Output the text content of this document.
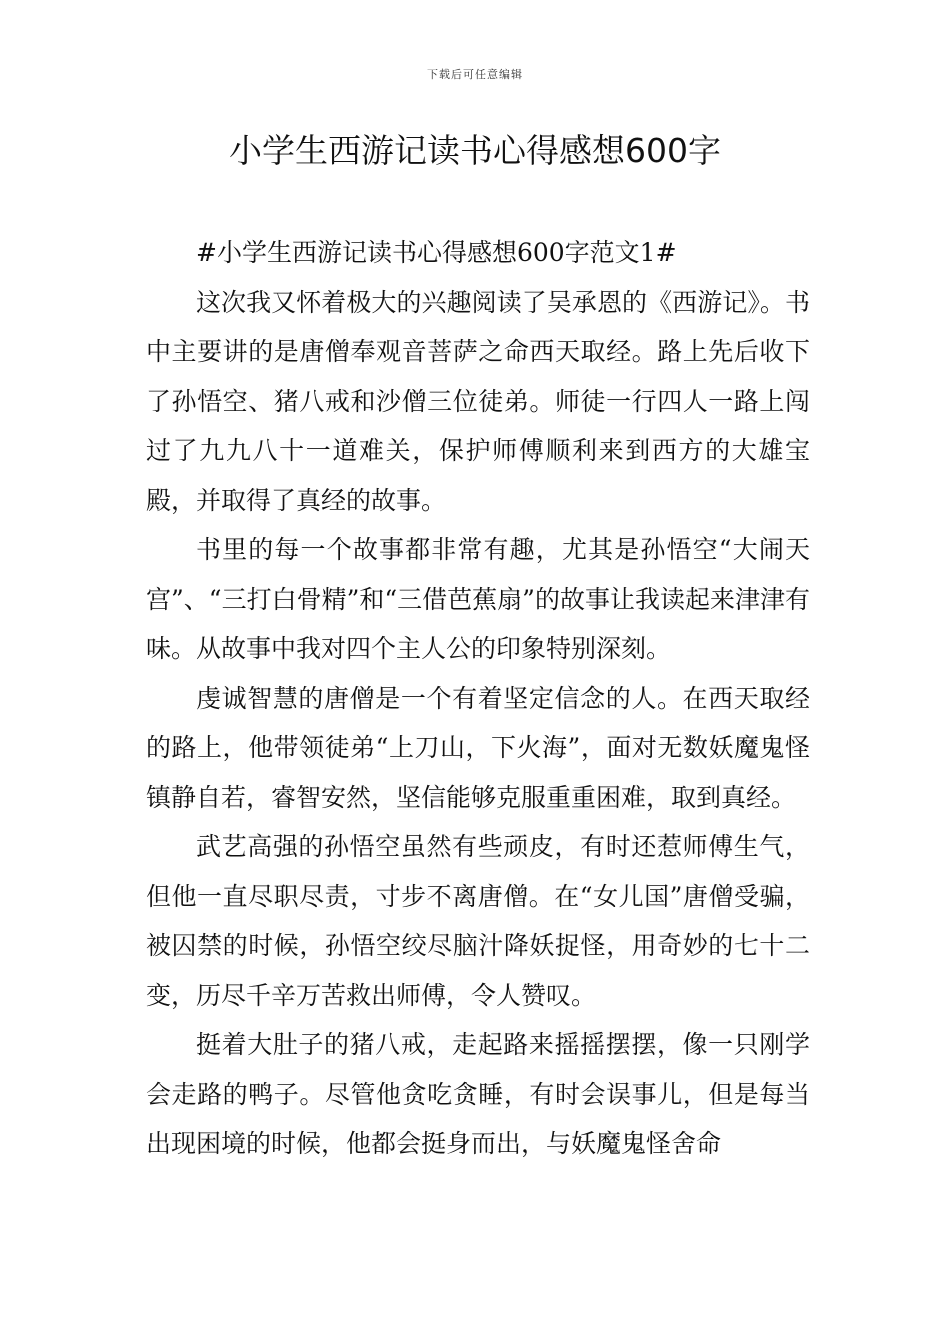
下载后可任意编辑
小学生西游记读书心得感想600字

#小学生西游记读书心得感想600字范文1#

这次我又怀着极大的兴趣阅读了吴承恩的《西游记》。书中主要讲的是唐僧奉观音菩萨之命西天取经。路上先后收下了孙悟空、猪八戒和沙僧三位徒弟。师徒一行四人一路上闯过了九九八十一道难关，保护师傅顺利来到西方的大雄宝殿，并取得了真经的故事。

书里的每一个故事都非常有趣，尤其是孙悟空“大闹天宫”、“三打白骨精”和“三借芭蕉扇”的故事让我读起来津津有味。从故事中我对四个主人公的印象特别深刻。

虔诚智慧的唐僧是一个有着坚定信念的人。在西天取经的路上，他带领徒弟“上刀山，下火海”，面对无数妖魔鬼怪镇静自若，睿智安然，坚信能够克服重重困难，取到真经。

武艺高强的孙悟空虽然有些顽皮，有时还惹师傅生气，但他一直尽职尽责，寸步不离唐僧。在“女儿国”唐僧受骗，被囚禁的时候，孙悟空绞尽脑汁降妖捉怪，用奇妙的七十二变，历尽千辛万苦救出师傅，令人赞叹。

挺着大肚子的猪八戒，走起路来摇摇摆摆，像一只刚学会走路的鸭子。尽管他贪吃贪睡，有时会误事儿，但是每当出现困境的时候，他都会挺身而出，与妖魔鬼怪舍命
